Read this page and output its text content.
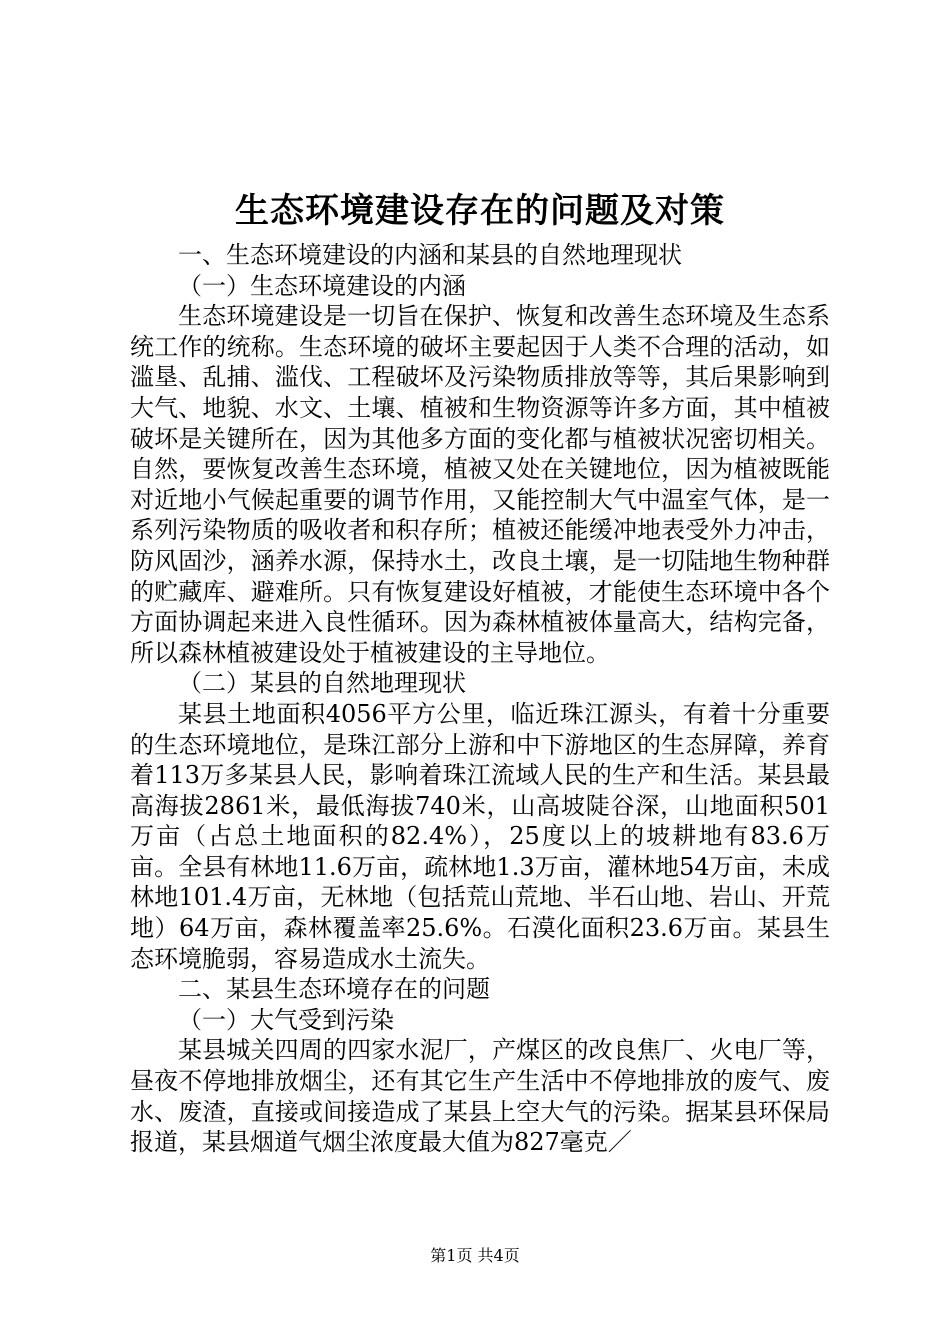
生态环境建设存在的问题及对策

一、生态环境建设的内涵和某县的自然地理现状

（一）生态环境建设的内涵

生态环境建设是一切旨在保护、恢复和改善生态环境及生态系统工作的统称。生态环境的破坏主要起因于人类不合理的活动，如滥垦、乱捕、滥伐、工程破坏及污染物质排放等等，其后果影响到大气、地貌、水文、土壤、植被和生物资源等许多方面，其中植被破坏是关键所在，因为其他多方面的变化都与植被状况密切相关。自然，要恢复改善生态环境，植被又处在关键地位，因为植被既能对近地小气候起重要的调节作用，又能控制大气中温室气体，是一系列污染物质的吸收者和积存所；植被还能缓冲地表受外力冲击，防风固沙，涵养水源，保持水土，改良土壤，是一切陆地生物种群的贮藏库、避难所。只有恢复建设好植被，才能使生态环境中各个方面协调起来进入良性循环。因为森林植被体量高大，结构完备，所以森林植被建设处于植被建设的主导地位。

（二）某县的自然地理现状

某县土地面积4056平方公里，临近珠江源头，有着十分重要的生态环境地位，是珠江部分上游和中下游地区的生态屏障，养育着113万多某县人民，影响着珠江流域人民的生产和生活。某县最高海拔2861米，最低海拔740米，山高坡陡谷深，山地面积501万亩（占总土地面积的82.4%），25度以上的坡耕地有83.6万亩。全县有林地11.6万亩，疏林地1.3万亩，灌林地54万亩，未成林地101.4万亩，无林地（包括荒山荒地、半石山地、岩山、开荒地）64万亩，森林覆盖率25.6%。石漠化面积23.6万亩。某县生态环境脆弱，容易造成水土流失。

二、某县生态环境存在的问题

（一）大气受到污染

某县城关四周的四家水泥厂，产煤区的改良焦厂、火电厂等，昼夜不停地排放烟尘，还有其它生产生活中不停地排放的废气、废水、废渣，直接或间接造成了某县上空大气的污染。据某县环保局报道，某县烟道气烟尘浓度最大值为827毫克／

第1页 共4页
